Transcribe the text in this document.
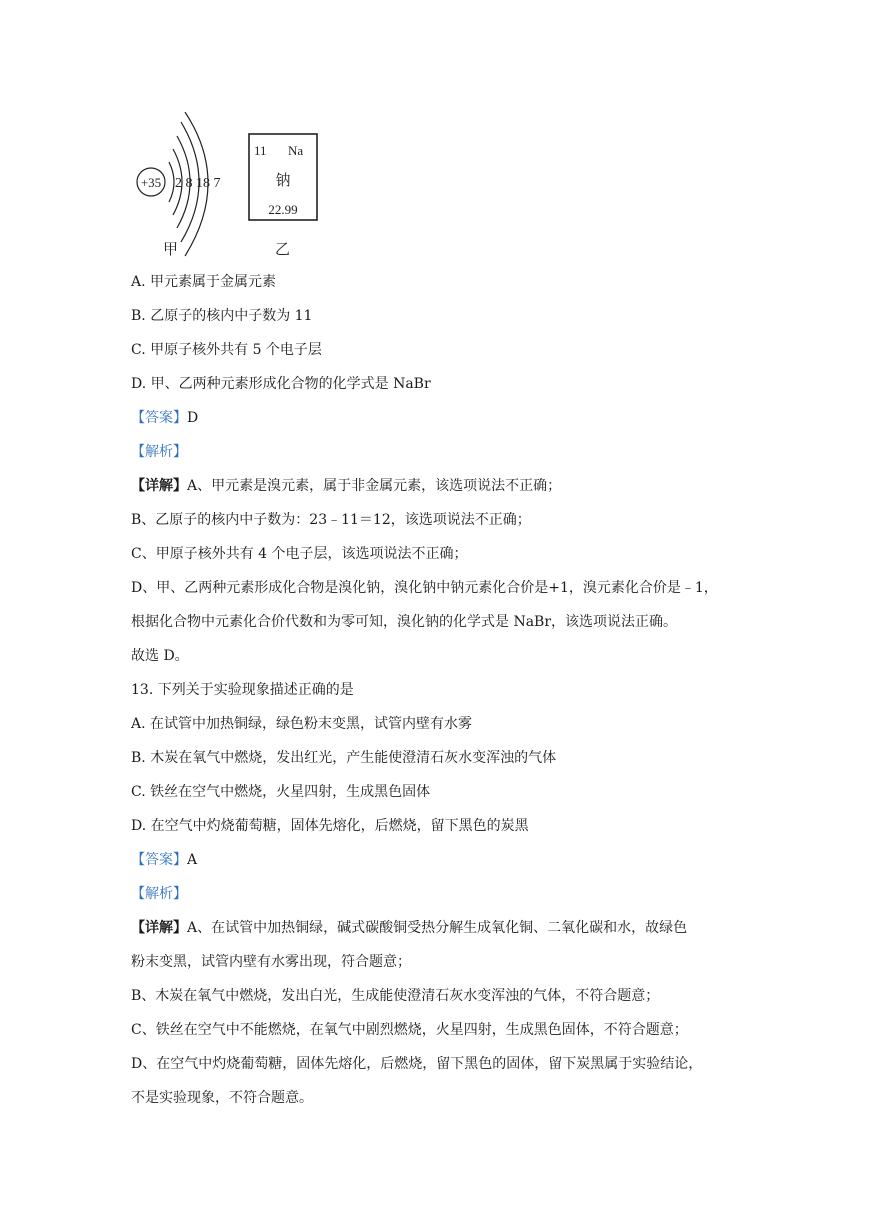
+35 2 8 18 7
甲
11 Na
钠
22.99
乙
A. 甲元素属于金属元素
B. 乙原子的核内中子数为 11
C. 甲原子核外共有 5 个电子层
D. 甲、乙两种元素形成化合物的化学式是 NaBr
【答案】D
【解析】
【详解】A、甲元素是溴元素，属于非金属元素，该选项说法不正确；
B、乙原子的核内中子数为：23﹣11＝12，该选项说法不正确；
C、甲原子核外共有 4 个电子层，该选项说法不正确；
D、甲、乙两种元素形成化合物是溴化钠，溴化钠中钠元素化合价是+1，溴元素化合价是﹣1，
根据化合物中元素化合价代数和为零可知，溴化钠的化学式是 NaBr，该选项说法正确。
故选 D。
13. 下列关于实验现象描述正确的是
A. 在试管中加热铜绿，绿色粉末变黑，试管内壁有水雾
B. 木炭在氧气中燃烧，发出红光，产生能使澄清石灰水变浑浊的气体
C. 铁丝在空气中燃烧，火星四射，生成黑色固体
D. 在空气中灼烧葡萄糖，固体先熔化，后燃烧，留下黑色的炭黑
【答案】A
【解析】
【详解】A、在试管中加热铜绿，碱式碳酸铜受热分解生成氧化铜、二氧化碳和水，故绿色
粉末变黑，试管内壁有水雾出现，符合题意；
B、木炭在氧气中燃烧，发出白光，生成能使澄清石灰水变浑浊的气体，不符合题意；
C、铁丝在空气中不能燃烧，在氧气中剧烈燃烧，火星四射，生成黑色固体，不符合题意；
D、在空气中灼烧葡萄糖，固体先熔化，后燃烧，留下黑色的固体，留下炭黑属于实验结论，
不是实验现象，不符合题意。
